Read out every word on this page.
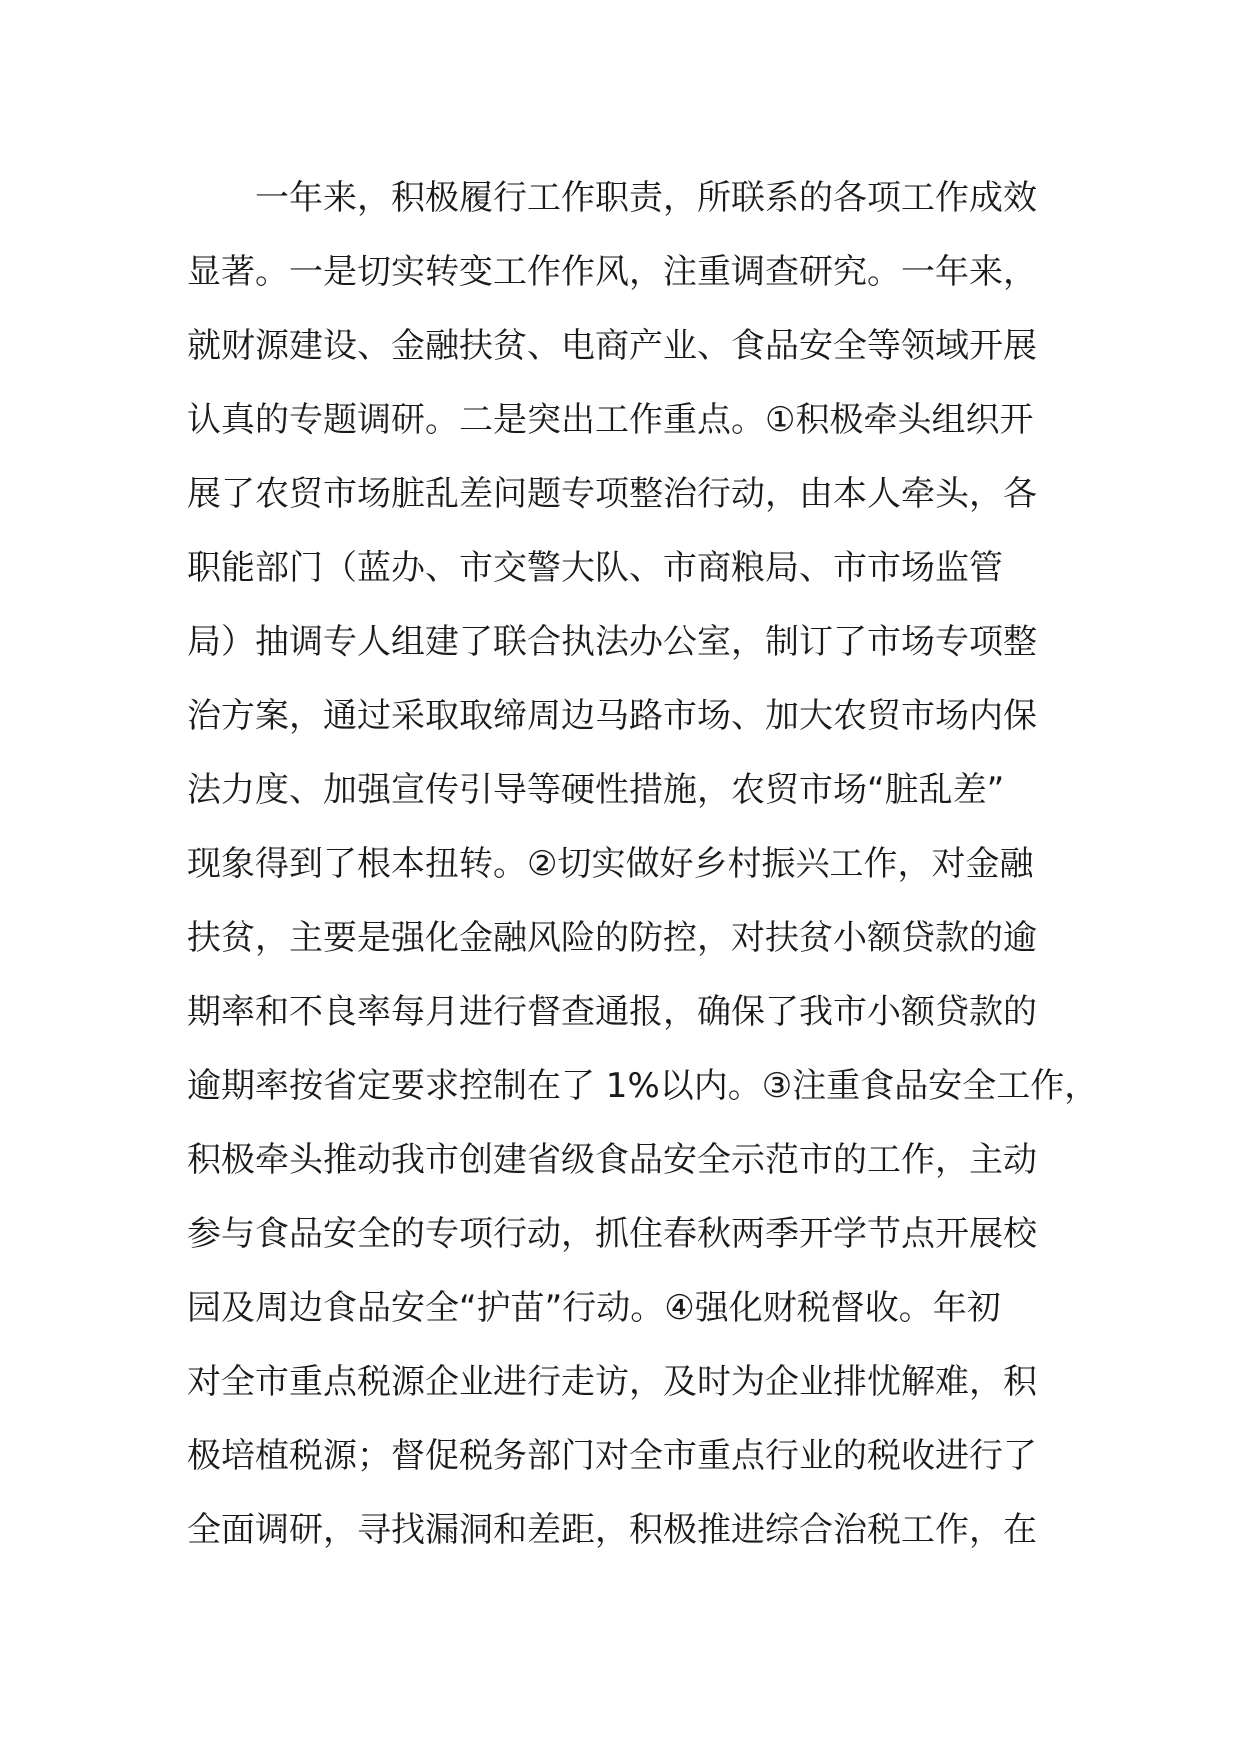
一年来，积极履行工作职责，所联系的各项工作成效
显著。一是切实转变工作作风，注重调查研究。一年来，
就财源建设、金融扶贫、电商产业、食品安全等领域开展
认真的专题调研。二是突出工作重点。①积极牵头组织开
展了农贸市场脏乱差问题专项整治行动，由本人牵头，各
职能部门（蓝办、市交警大队、市商粮局、市市场监管
局）抽调专人组建了联合执法办公室，制订了市场专项整
治方案，通过采取取缔周边马路市场、加大农贸市场内保
法力度、加强宣传引导等硬性措施，农贸市场“脏乱差”
现象得到了根本扭转。②切实做好乡村振兴工作，对金融
扶贫，主要是强化金融风险的防控，对扶贫小额贷款的逾
期率和不良率每月进行督查通报，确保了我市小额贷款的
逾期率按省定要求控制在了 1%以内。③注重食品安全工作，
积极牵头推动我市创建省级食品安全示范市的工作，主动
参与食品安全的专项行动，抓住春秋两季开学节点开展校
园及周边食品安全“护苗”行动。④强化财税督收。年初
对全市重点税源企业进行走访，及时为企业排忧解难，积
极培植税源；督促税务部门对全市重点行业的税收进行了
全面调研，寻找漏洞和差距，积极推进综合治税工作，在
